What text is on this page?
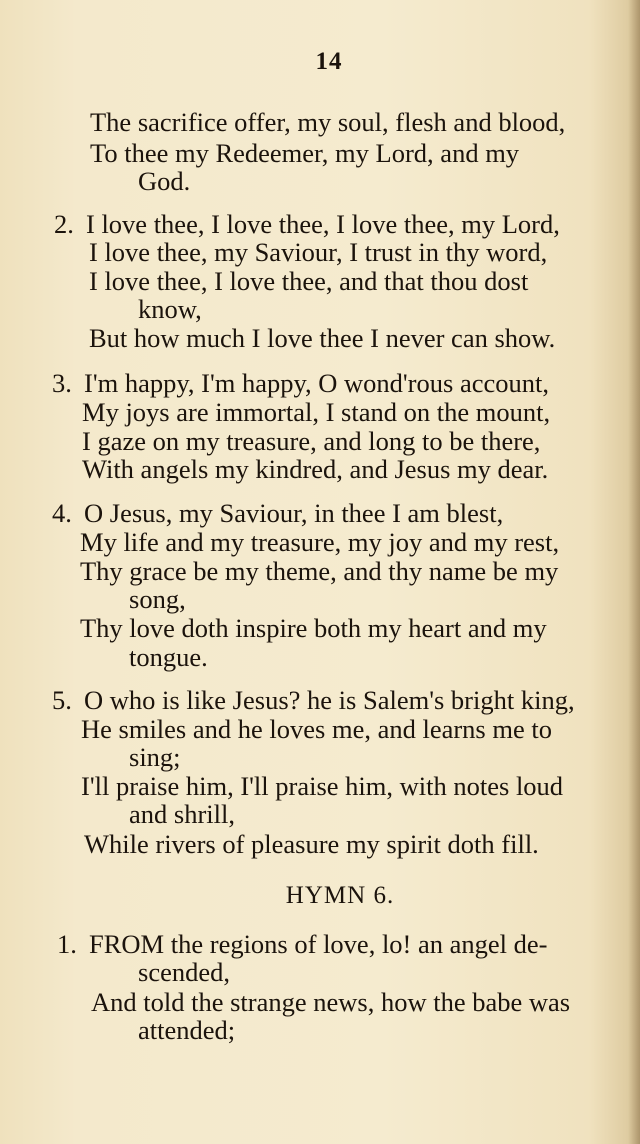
14
The sacrifice offer, my soul, flesh and blood,
To thee my Redeemer, my Lord, and my
God.
2. I love thee, I love thee, I love thee, my Lord,
I love thee, my Saviour, I trust in thy word,
I love thee, I love thee, and that thou dost
know,
But how much I love thee I never can show.
3. I'm happy, I'm happy, O wond'rous account,
My joys are immortal, I stand on the mount,
I gaze on my treasure, and long to be there,
With angels my kindred, and Jesus my dear.
4. O Jesus, my Saviour, in thee I am blest,
My life and my treasure, my joy and my rest,
Thy grace be my theme, and thy name be my
song,
Thy love doth inspire both my heart and my
tongue.
5. O who is like Jesus? he is Salem's bright king,
He smiles and he loves me, and learns me to
sing;
I'll praise him, I'll praise him, with notes loud
and shrill,
While rivers of pleasure my spirit doth fill.
HYMN 6.
1. FROM the regions of love, lo! an angel de-
scended,
And told the strange news, how the babe was
attended;
